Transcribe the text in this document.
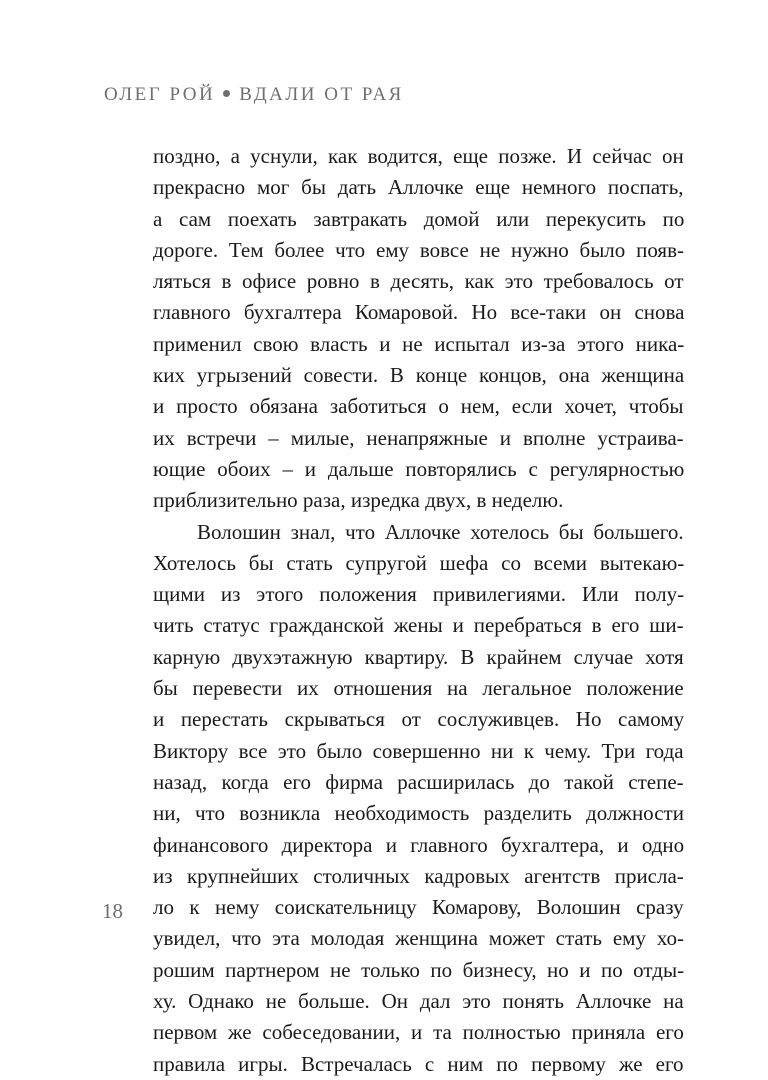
ОЛЕГ РОЙ ВДАЛИ ОТ РАЯ
поздно, а уснули, как водится, еще позже. И сейчас он
прекрасно мог бы дать Аллочке еще немного поспать,
а сам поехать завтракать домой или перекусить по
дороге. Тем более что ему вовсе не нужно было появ-
ляться в офисе ровно в десять, как это требовалось от
главного бухгалтера Комаровой. Но все-таки он снова
применил свою власть и не испытал из-за этого ника-
ких угрызений совести. В конце концов, она женщина
и просто обязана заботиться о нем, если хочет, чтобы
их встречи – милые, ненапряжные и вполне устраива-
ющие обоих – и дальше повторялись с регулярностью
приблизительно раза, изредка двух, в неделю.
Волошин знал, что Аллочке хотелось бы большего.
Хотелось бы стать супругой шефа со всеми вытекаю-
щими из этого положения привилегиями. Или полу-
чить статус гражданской жены и перебраться в его ши-
карную двухэтажную квартиру. В крайнем случае хотя
бы перевести их отношения на легальное положение
и перестать скрываться от сослуживцев. Но самому
Виктору все это было совершенно ни к чему. Три года
назад, когда его фирма расширилась до такой степе-
ни, что возникла необходимость разделить должности
финансового директора и главного бухгалтера, и одно
из крупнейших столичных кадровых агентств присла-
ло к нему соискательницу Комарову, Волошин сразу
увидел, что эта молодая женщина может стать ему хо-
рошим партнером не только по бизнесу, но и по отды-
ху. Однако не больше. Он дал это понять Аллочке на
первом же собеседовании, и та полностью приняла его
правила игры. Встречалась с ним по первому же его
18
